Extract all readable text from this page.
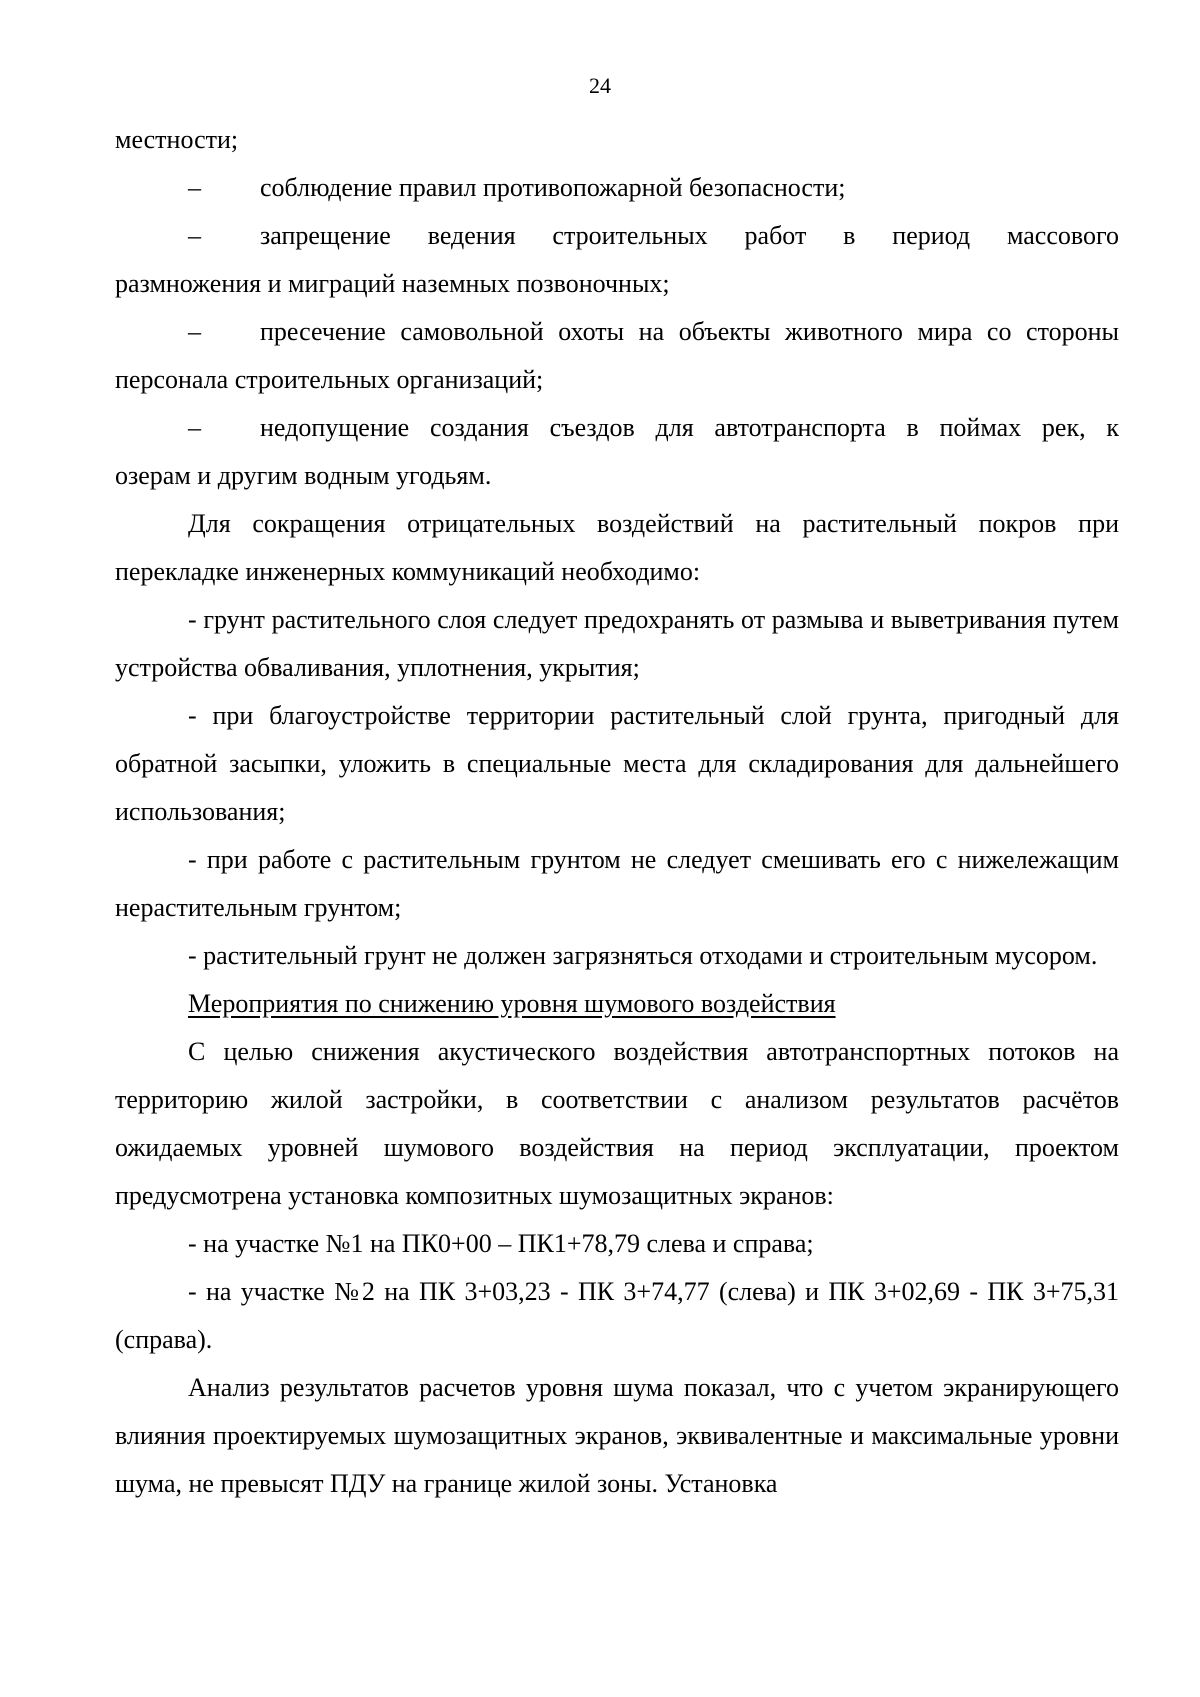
24

местности;

–	соблюдение правил противопожарной безопасности;
–	запрещение ведения строительных работ в период массового

размножения и миграций наземных позвоночных;

–	пресечение самовольной охоты на объекты животного мира со стороны

персонала строительных организаций;

–	недопущение создания съездов для автотранспорта в поймах рек, к

озерам и другим водным угодьям.

Для сокращения отрицательных воздействий на растительный покров при перекладке инженерных коммуникаций необходимо:

- грунт растительного слоя следует предохранять от размыва и выветривания путем устройства обваливания, уплотнения, укрытия;

- при благоустройстве территории растительный слой грунта, пригодный для обратной засыпки, уложить в специальные места для складирования для дальнейшего использования;

- при работе с растительным грунтом не следует смешивать его с нижележащим нерастительным грунтом;

- растительный грунт не должен загрязняться отходами и строительным мусором.

Мероприятия по снижению уровня шумового воздействия

С целью снижения акустического воздействия автотранспортных потоков на территорию жилой застройки, в соответствии с анализом результатов расчётов ожидаемых уровней шумового воздействия на период эксплуатации, проектом предусмотрена установка композитных шумозащитных экранов:

- на участке №1 на ПК0+00 – ПК1+78,79 слева и справа;

- на участке №2 на ПК 3+03,23 - ПК 3+74,77 (слева) и ПК 3+02,69 - ПК 3+75,31 (справа).

Анализ результатов расчетов уровня шума показал, что с учетом экранирующего влияния проектируемых шумозащитных экранов, эквивалентные и максимальные уровни шума, не превысят ПДУ на границе жилой зоны. Установка
